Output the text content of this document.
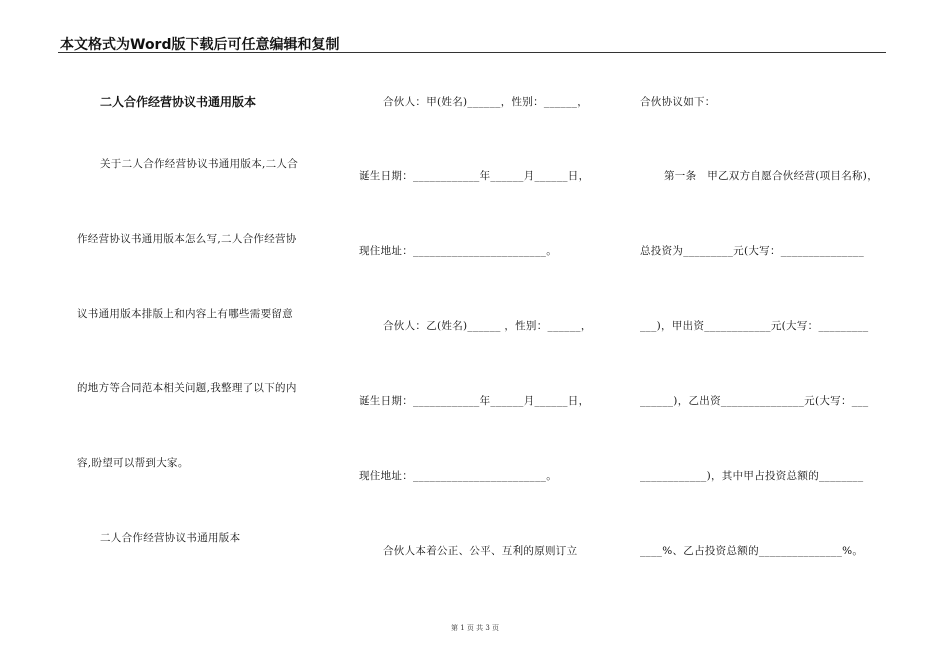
本文格式为Word版下载后可任意编辑和复制
二人合作经营协议书通用版本
关于二人合作经营协议书通用版本,二人合
作经营协议书通用版本怎么写,二人合作经营协
议书通用版本排版上和内容上有哪些需要留意
的地方等合同范本相关问题,我整理了以下的内
容,盼望可以帮到大家。
二人合作经营协议书通用版本
合伙人：甲(姓名)______，性别：______，
诞生日期：____________年______月______日，
现住地址：________________________。
合伙人：乙(姓名)______ ，性别：______，
诞生日期：____________年______月______日，
现住地址：________________________。
合伙人本着公正、公平、互利的原则订立
合伙协议如下：
第一条　甲乙双方自愿合伙经营(项目名称)，
总投资为_________元(大写：_______________
___)，甲出资____________元(大写：_________
______)，乙出资_______________元(大写：___
____________)，其中甲占投资总额的________
____%、乙占投资总额的_______________%。
第 1 页 共 3 页
